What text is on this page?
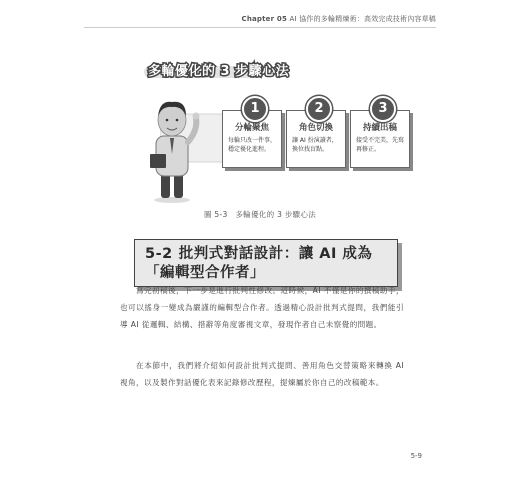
Chapter 05 AI 協作的多輪精煉術：高效完成技術內容草稿
多輪優化的 3 步驟心法
1
分輪聚焦
每輪只改一件事，穩定優化進程。
2
角色切換
讓 AI 扮演讀者，換位找盲點。
3
持續出稿
接受不完美，先寫再修正。
圖 5-3　多輪優化的 3 步驟心法
5-2 批判式對話設計：讓 AI 成為「編輯型合作者」

寫完初稿後，下一步是進行批判性修改。這時候，AI 不僅是你的撰稿助手，也可以搖身一變成為嚴謹的編輯型合作者。透過精心設計批判式提問，我們能引導 AI 從邏輯、結構、措辭等角度審視文章，發現作者自己未察覺的問題。

在本節中，我們將介紹如何設計批判式提問、善用角色交替策略來轉換 AI 視角，以及製作對話優化表來記錄修改歷程，提煉屬於你自己的改稿範本。

5-9
